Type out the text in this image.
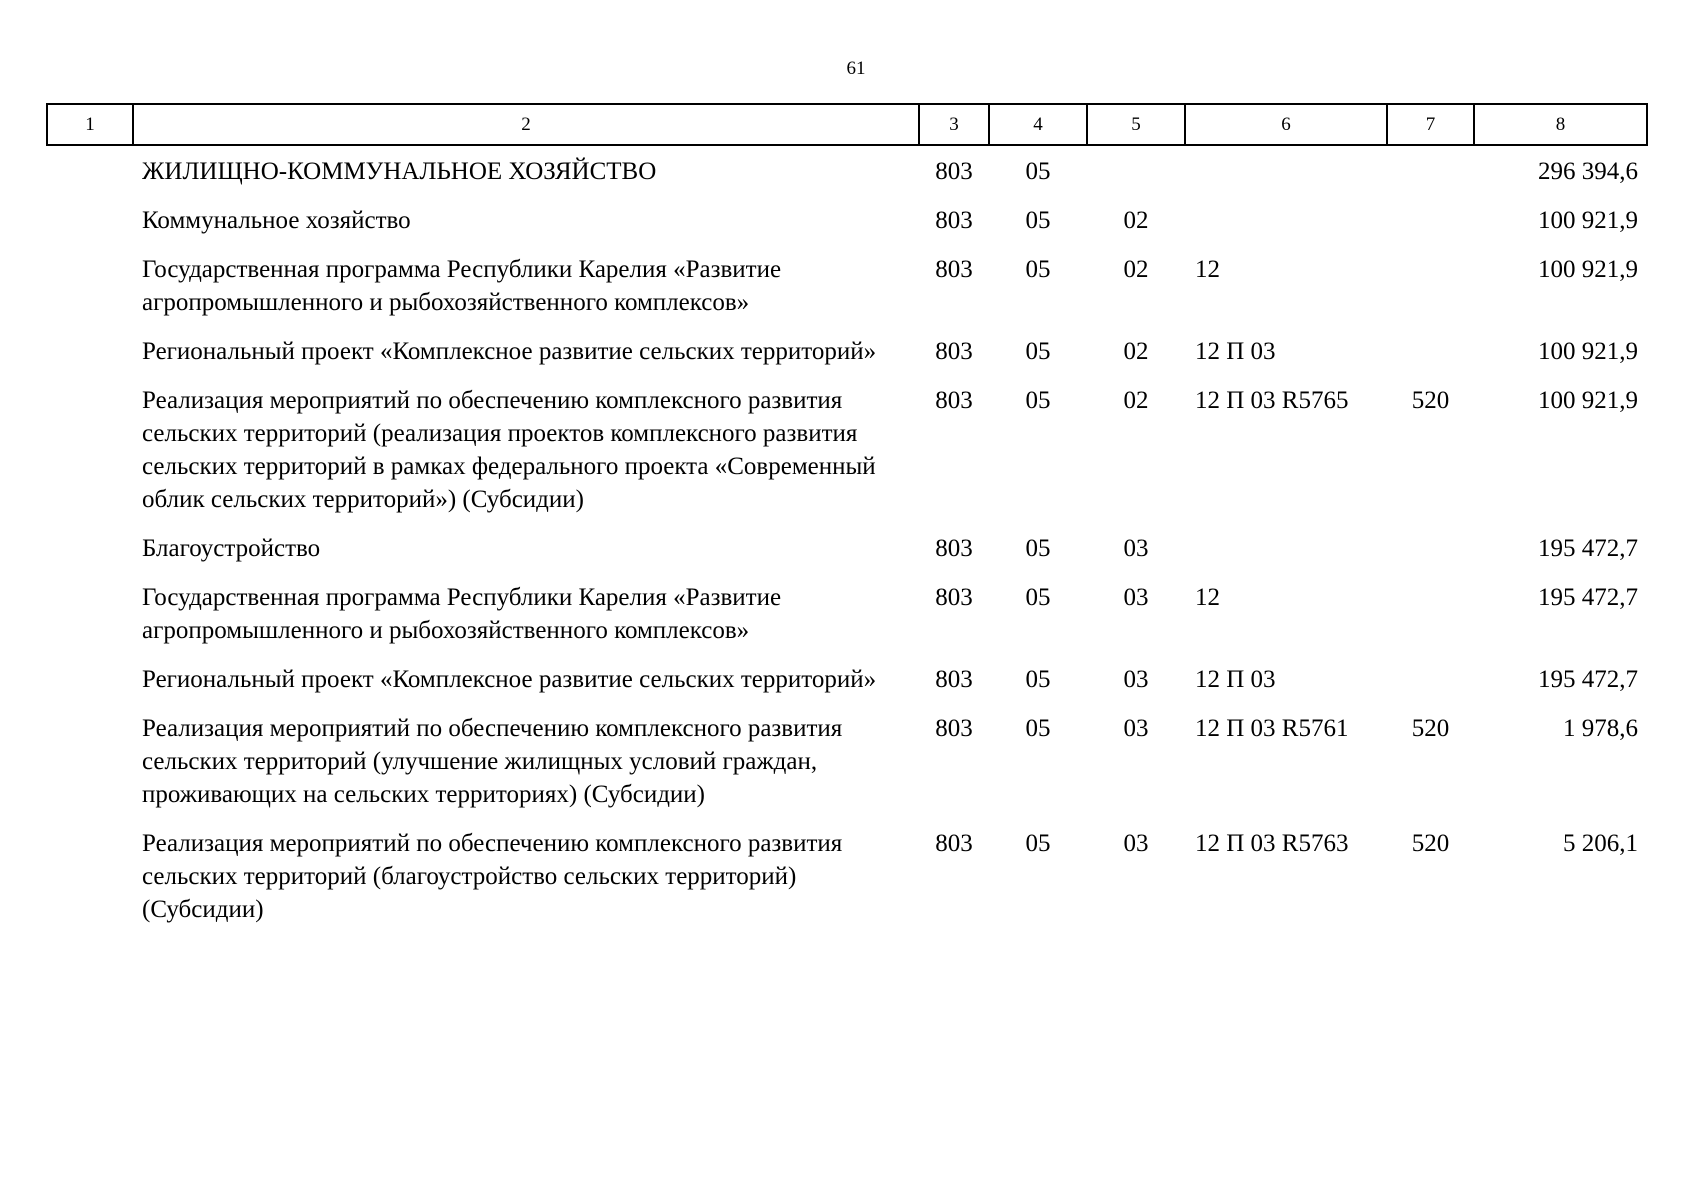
61
1	2	3	4	5	6	7	8
	ЖИЛИЩНО-КОММУНАЛЬНОЕ ХОЗЯЙСТВО	803	05				296 394,6
	Коммунальное хозяйство	803	05	02			100 921,9
	Государственная программа Республики Карелия «Развитие агропромышленного и рыбохозяйственного комплексов»	803	05	02	12		100 921,9
	Региональный проект «Комплексное развитие сельских территорий»	803	05	02	12 П 03		100 921,9
	Реализация мероприятий по обеспечению комплексного развития сельских территорий (реализация проектов комплексного развития сельских территорий в рамках федерального проекта «Современный облик сельских территорий») (Субсидии)	803	05	02	12 П 03 R5765	520	100 921,9
	Благоустройство	803	05	03			195 472,7
	Государственная программа Республики Карелия «Развитие агропромышленного и рыбохозяйственного комплексов»	803	05	03	12		195 472,7
	Региональный проект «Комплексное развитие сельских территорий»	803	05	03	12 П 03		195 472,7
	Реализация мероприятий по обеспечению комплексного развития сельских территорий (улучшение жилищных условий граждан, проживающих на сельских территориях) (Субсидии)	803	05	03	12 П 03 R5761	520	1 978,6
	Реализация мероприятий по обеспечению комплексного развития сельских территорий (благоустройство сельских территорий) (Субсидии)	803	05	03	12 П 03 R5763	520	5 206,1
